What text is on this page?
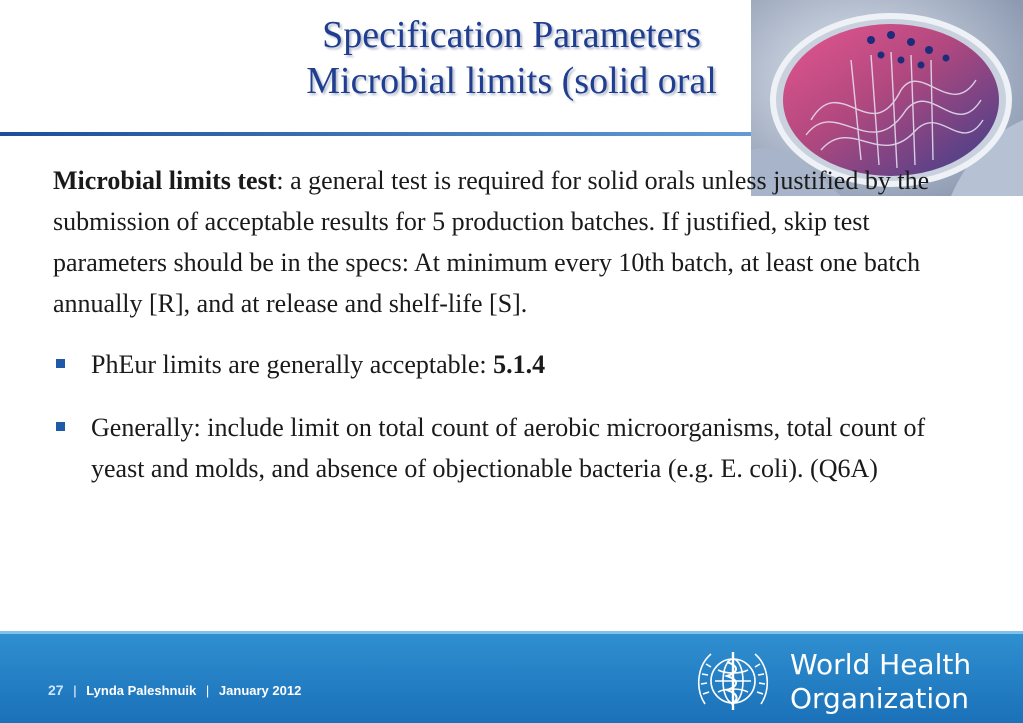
Specification Parameters
Microbial limits (solid oral

Microbial limits test: a general test is required for solid orals unless justified by the submission of acceptable results for 5 production batches. If justified, skip test parameters should be in the specs: At minimum every 10th batch, at least one batch annually [R], and at release and shelf-life [S].

PhEur limits are generally acceptable: 5.1.4
Generally: include limit on total count of aerobic microorganisms, total count of yeast and molds, and absence of objectionable bacteria (e.g. E. coli). (Q6A)
27 | Lynda Paleshnuik | January 2012
World Health
Organization
